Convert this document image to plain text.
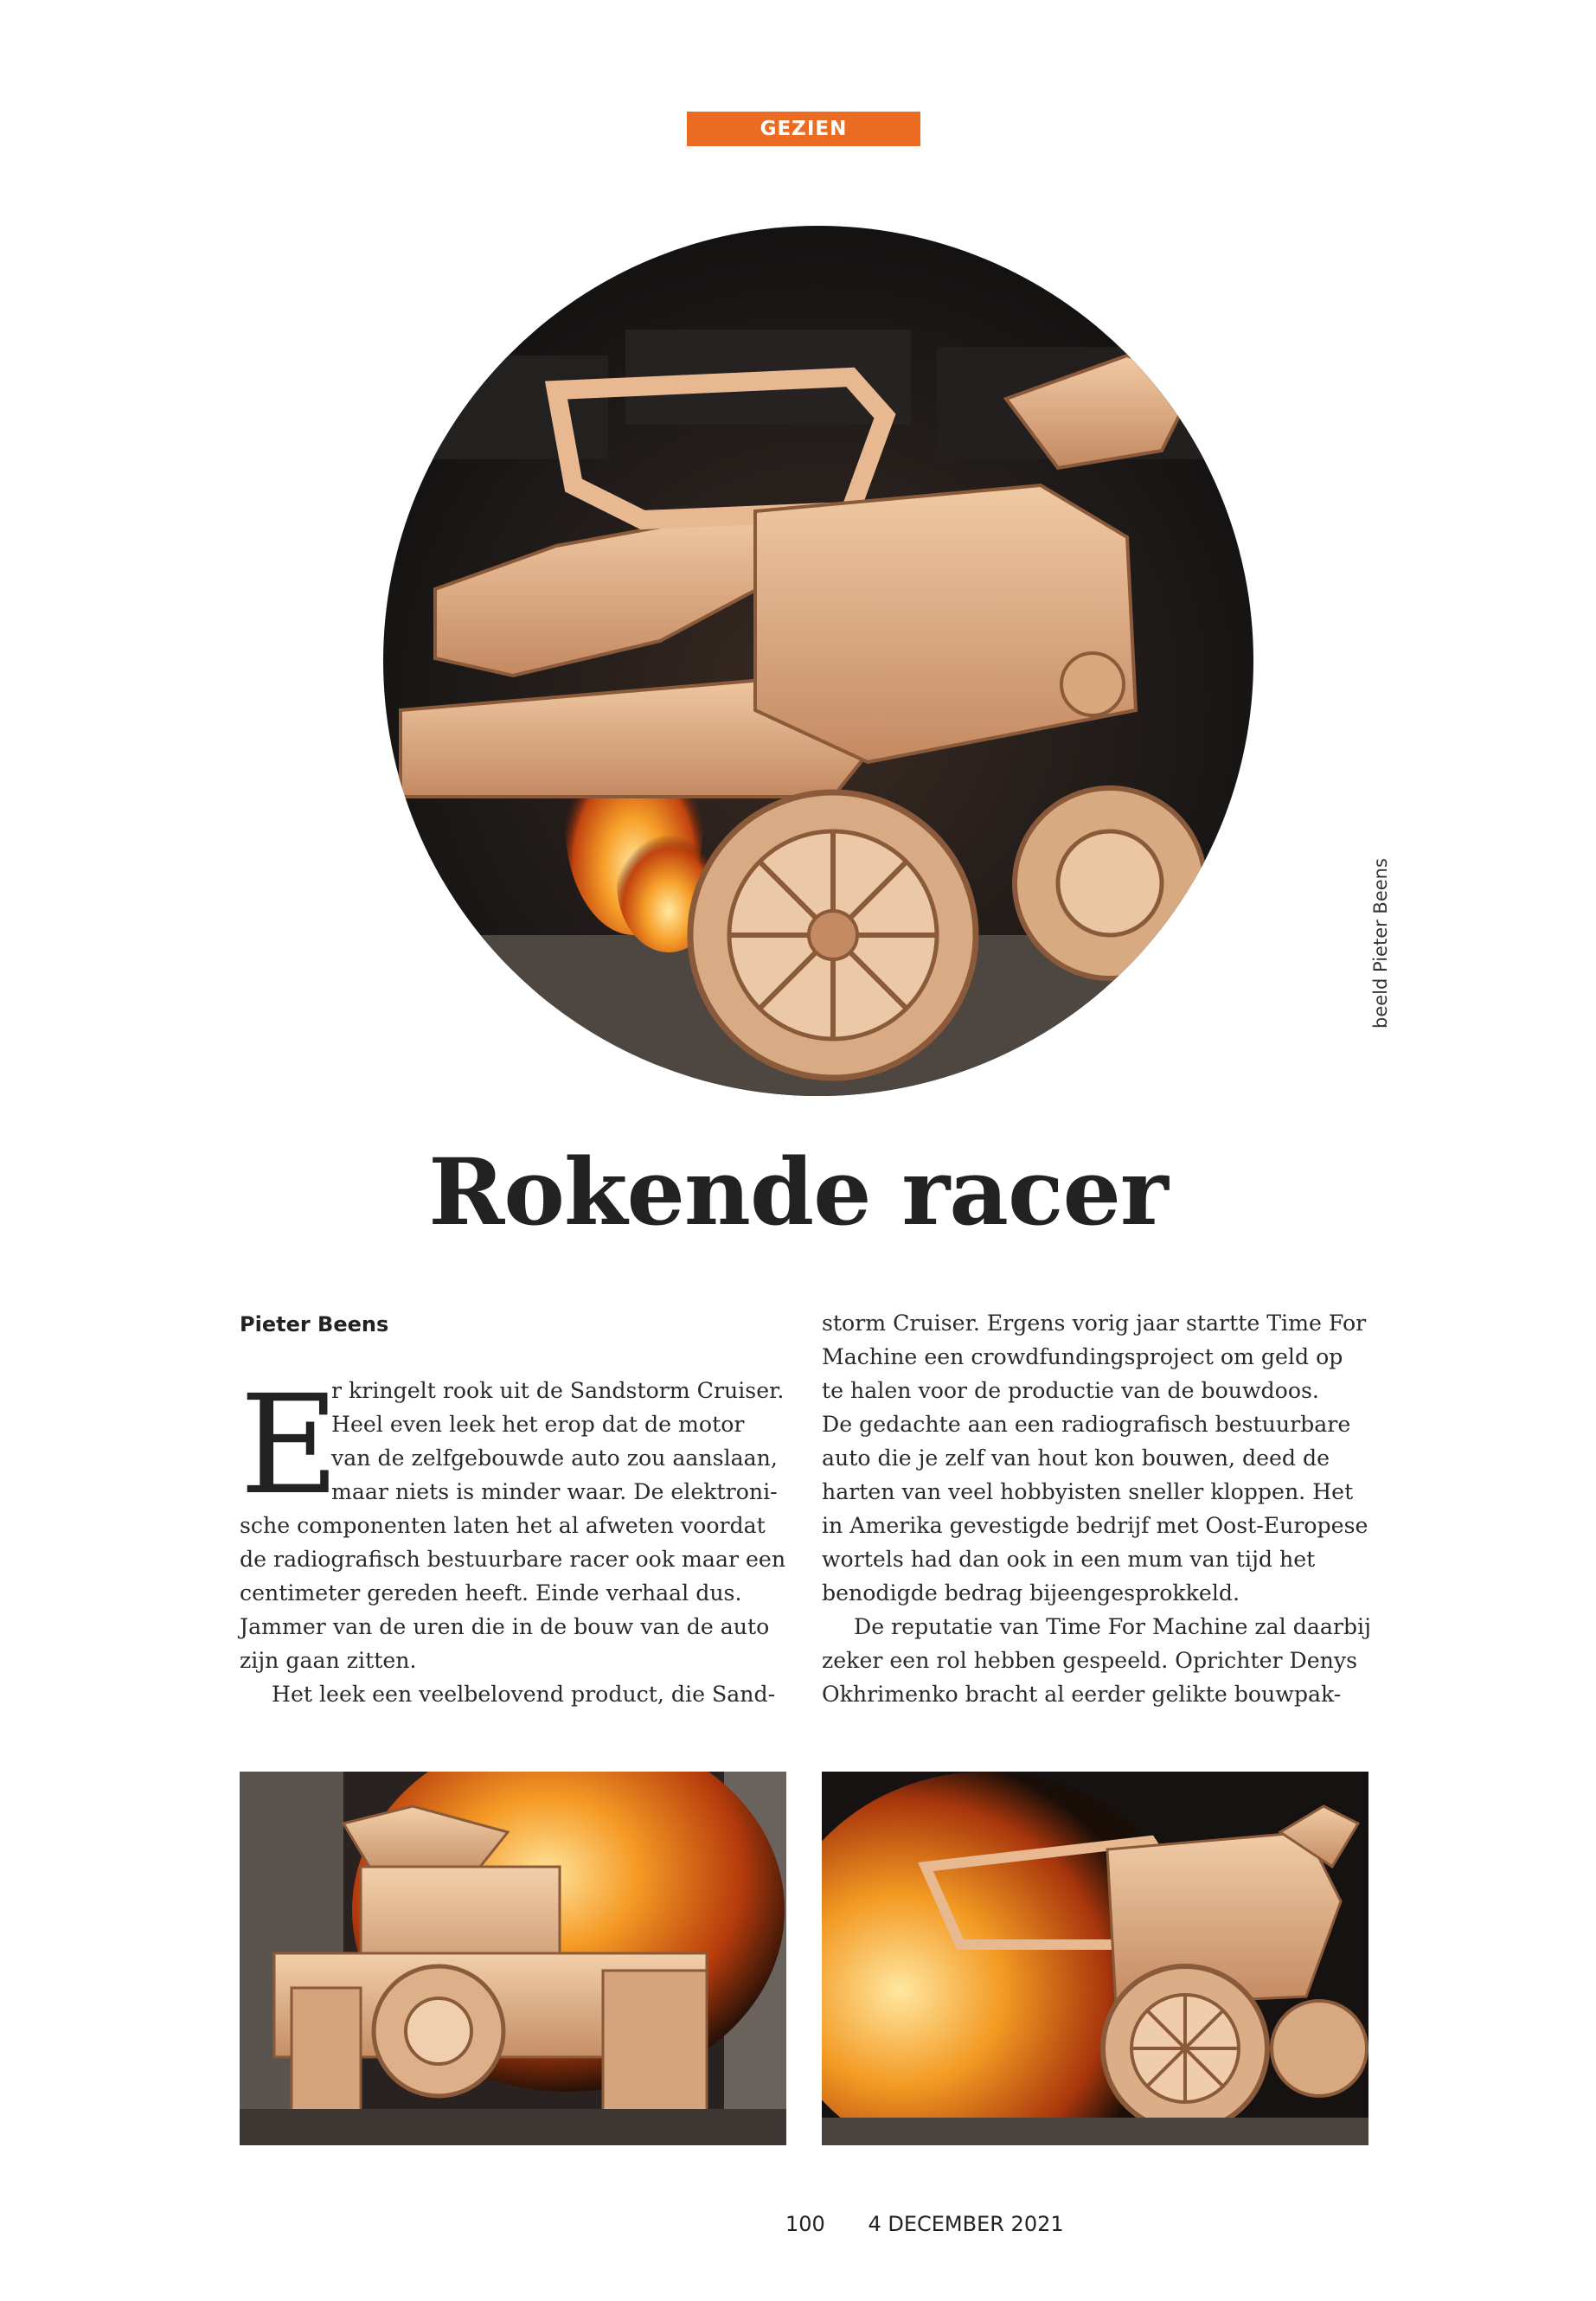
GEZIEN
beeld Pieter Beens
Rokende racer
Pieter Beens
E
r kringelt rook uit de Sandstorm Cruiser.
Heel even leek het erop dat de motor
van de zelfgebouwde auto zou aanslaan,
maar niets is minder waar. De elektroni-
sche componenten laten het al afweten voordat
de radiografisch bestuurbare racer ook maar een
centimeter gereden heeft. Einde verhaal dus.
Jammer van de uren die in de bouw van de auto
zijn gaan zitten.
Het leek een veelbelovend product, die Sand-
storm Cruiser. Ergens vorig jaar startte Time For
Machine een crowdfundingsproject om geld op
te halen voor de productie van de bouwdoos.
De gedachte aan een radiografisch bestuurbare
auto die je zelf van hout kon bouwen, deed de
harten van veel hobbyisten sneller kloppen. Het
in Amerika gevestigde bedrijf met Oost-Europese
wortels had dan ook in een mum van tijd het
benodigde bedrag bijeengesprokkeld.
De reputatie van Time For Machine zal daarbij
zeker een rol hebben gespeeld. Oprichter Denys
Okhrimenko bracht al eerder gelikte bouwpak-
100 4 DECEMBER 2021
